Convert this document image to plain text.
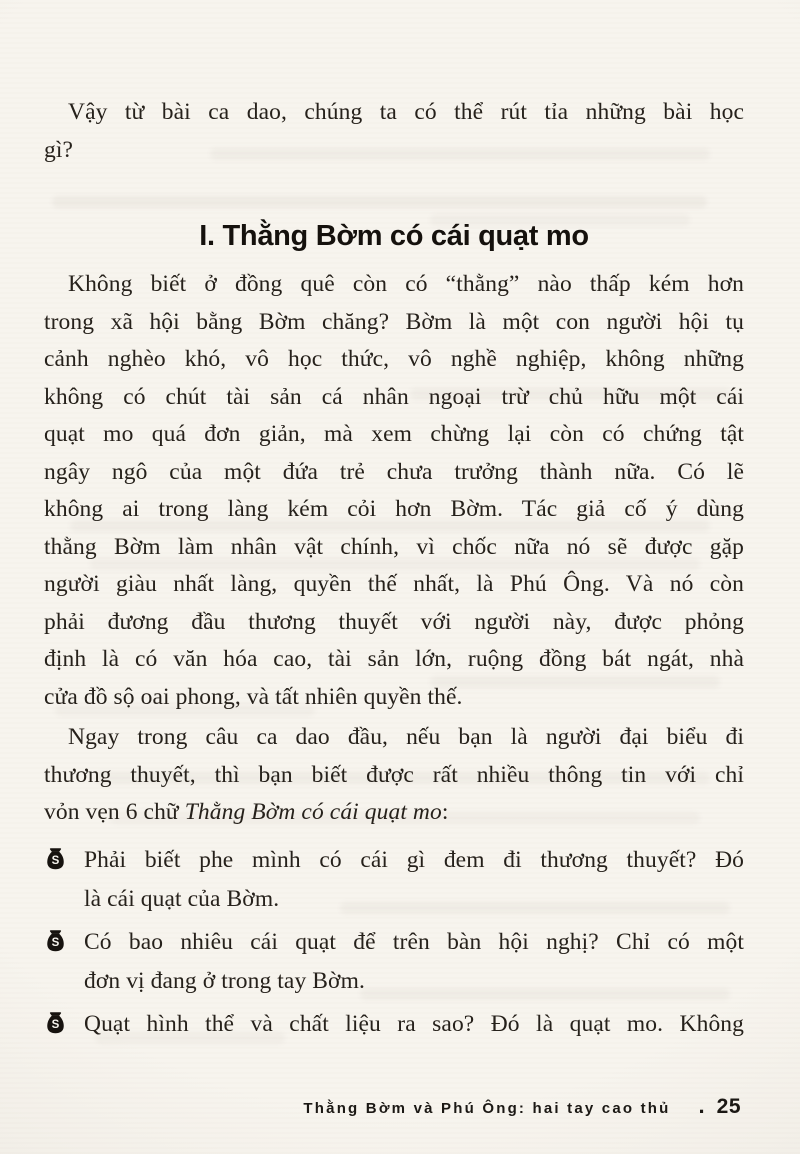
Vậy từ bài ca dao, chúng ta có thể rút tỉa những bài học
gì?
I. Thằng Bờm có cái quạt mo
Không biết ở đồng quê còn có “thằng” nào thấp kém hơn
trong xã hội bằng Bờm chăng? Bờm là một con người hội tụ
cảnh nghèo khó, vô học thức, vô nghề nghiệp, không những
không có chút tài sản cá nhân ngoại trừ chủ hữu một cái
quạt mo quá đơn giản, mà xem chừng lại còn có chứng tật
ngây ngô của một đứa trẻ chưa trưởng thành nữa. Có lẽ
không ai trong làng kém cỏi hơn Bờm. Tác giả cố ý dùng
thằng Bờm làm nhân vật chính, vì chốc nữa nó sẽ được gặp
người giàu nhất làng, quyền thế nhất, là Phú Ông. Và nó còn
phải đương đầu thương thuyết với người này, được phỏng
định là có văn hóa cao, tài sản lớn, ruộng đồng bát ngát, nhà
cửa đồ sộ oai phong, và tất nhiên quyền thế.
Ngay trong câu ca dao đầu, nếu bạn là người đại biểu đi
thương thuyết, thì bạn biết được rất nhiều thông tin với chỉ
vỏn vẹn 6 chữ Thằng Bờm có cái quạt mo:
S Phải biết phe mình có cái gì đem đi thương thuyết? Đó
là cái quạt của Bờm.
S Có bao nhiêu cái quạt để trên bàn hội nghị? Chỉ có một
đơn vị đang ở trong tay Bờm.
S Quạt hình thể và chất liệu ra sao? Đó là quạt mo. Không
Thằng Bờm và Phú Ông: hai tay cao thủ . 25
